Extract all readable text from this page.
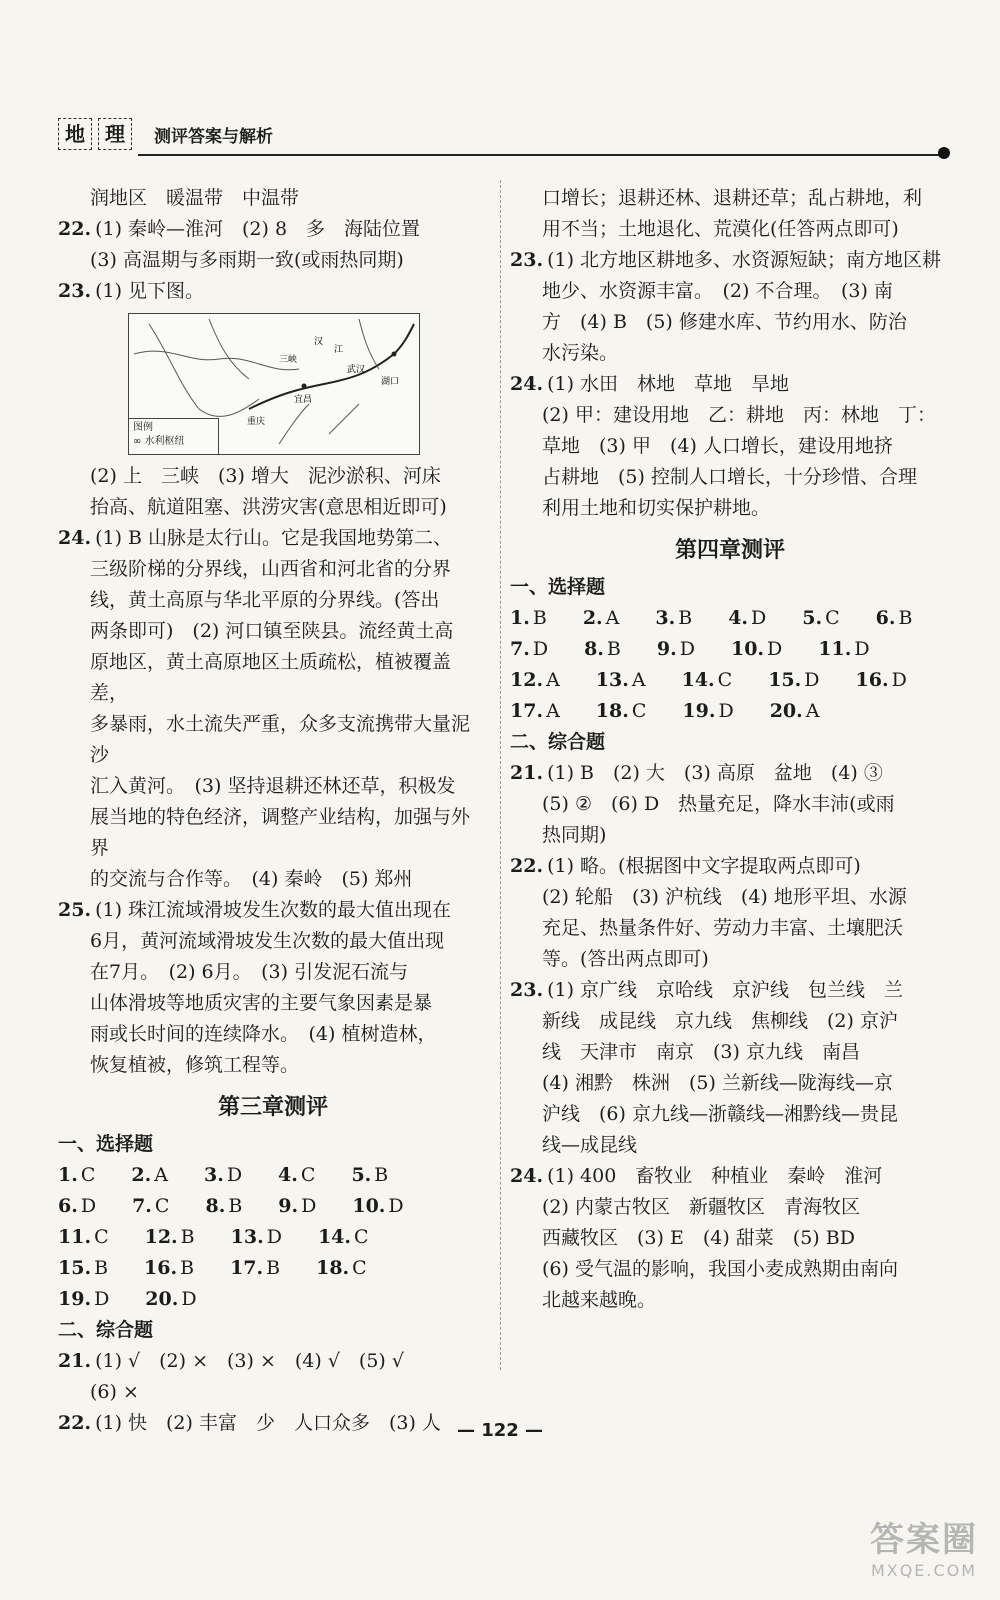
地	理	测评答案与解析

润地区　暖温带　中温带

22. (1) 秦岭—淮河　(2) 8　多　海陆位置

(3) 高温期与多雨期一致(或雨热同期)

23. (1) 见下图。

三峡
宜昌
重庆
武汉
湖口
汉
江
图例
∞ 水利枢纽

(2) 上　三峡　(3) 增大　泥沙淤积、河床

抬高、航道阻塞、洪涝灾害(意思相近即可)

24. (1) B 山脉是太行山。它是我国地势第二、

三级阶梯的分界线，山西省和河北省的分界

线，黄土高原与华北平原的分界线。(答出

两条即可)　(2) 河口镇至陕县。流经黄土高

原地区，黄土高原地区土质疏松，植被覆盖差，

多暴雨，水土流失严重，众多支流携带大量泥沙

汇入黄河。　(3) 坚持退耕还林还草，积极发

展当地的特色经济，调整产业结构，加强与外界

的交流与合作等。　(4) 秦岭　(5) 郑州

25. (1) 珠江流域滑坡发生次数的最大值出现在

6月，黄河流域滑坡发生次数的最大值出现

在7月。　(2) 6月。　(3) 引发泥石流与

山体滑坡等地质灾害的主要气象因素是暴

雨或长时间的连续降水。　(4) 植树造林，

恢复植被，修筑工程等。

第三章测评

一、选择题

1. C	2. A	3. D	4. C	5. B
6. D	7. C	8. B	9. D	10. D
11. C	12. B	13. D	14. C
15. B	16. B	17. B	18. C
19. D	20. D

二、综合题

21. (1) √　(2) ×　(3) ×　(4) √　(5) √

(6) ×

22. (1) 快　(2) 丰富　少　人口众多　(3) 人

口增长；退耕还林、退耕还草；乱占耕地，利

用不当；土地退化、荒漠化(任答两点即可)

23. (1) 北方地区耕地多、水资源短缺；南方地区耕

地少、水资源丰富。　(2) 不合理。　(3) 南

方　(4) B　(5) 修建水库、节约用水、防治

水污染。

24. (1) 水田　林地　草地　旱地

(2) 甲：建设用地　乙：耕地　丙：林地　丁：

草地　(3) 甲　(4) 人口增长，建设用地挤

占耕地　(5) 控制人口增长，十分珍惜、合理

利用土地和切实保护耕地。

第四章测评

一、选择题

1. B	2. A	3. B	4. D	5. C	6. B
7. D	8. B	9. D	10. D	11. D
12. A	13. A	14. C	15. D	16. D
17. A	18. C	19. D	20. A

二、综合题

21. (1) B　(2) 大　(3) 高原　盆地　(4) ③

(5) ②　(6) D　热量充足，降水丰沛(或雨

热同期)

22. (1) 略。(根据图中文字提取两点即可)

(2) 轮船　(3) 沪杭线　(4) 地形平坦、水源

充足、热量条件好、劳动力丰富、土壤肥沃

等。(答出两点即可)

23. (1) 京广线　京哈线　京沪线　包兰线　兰

新线　成昆线　京九线　焦柳线　(2) 京沪

线　天津市　南京　(3) 京九线　南昌

(4) 湘黔　株洲　(5) 兰新线—陇海线—京

沪线　(6) 京九线—浙赣线—湘黔线—贵昆

线—成昆线

24. (1) 400　畜牧业　种植业　秦岭　淮河

(2) 内蒙古牧区　新疆牧区　青海牧区

西藏牧区　(3) E　(4) 甜菜　(5) BD

(6) 受气温的影响，我国小麦成熟期由南向

北越来越晚。

— 122 —
答案圈
MXQE.COM
